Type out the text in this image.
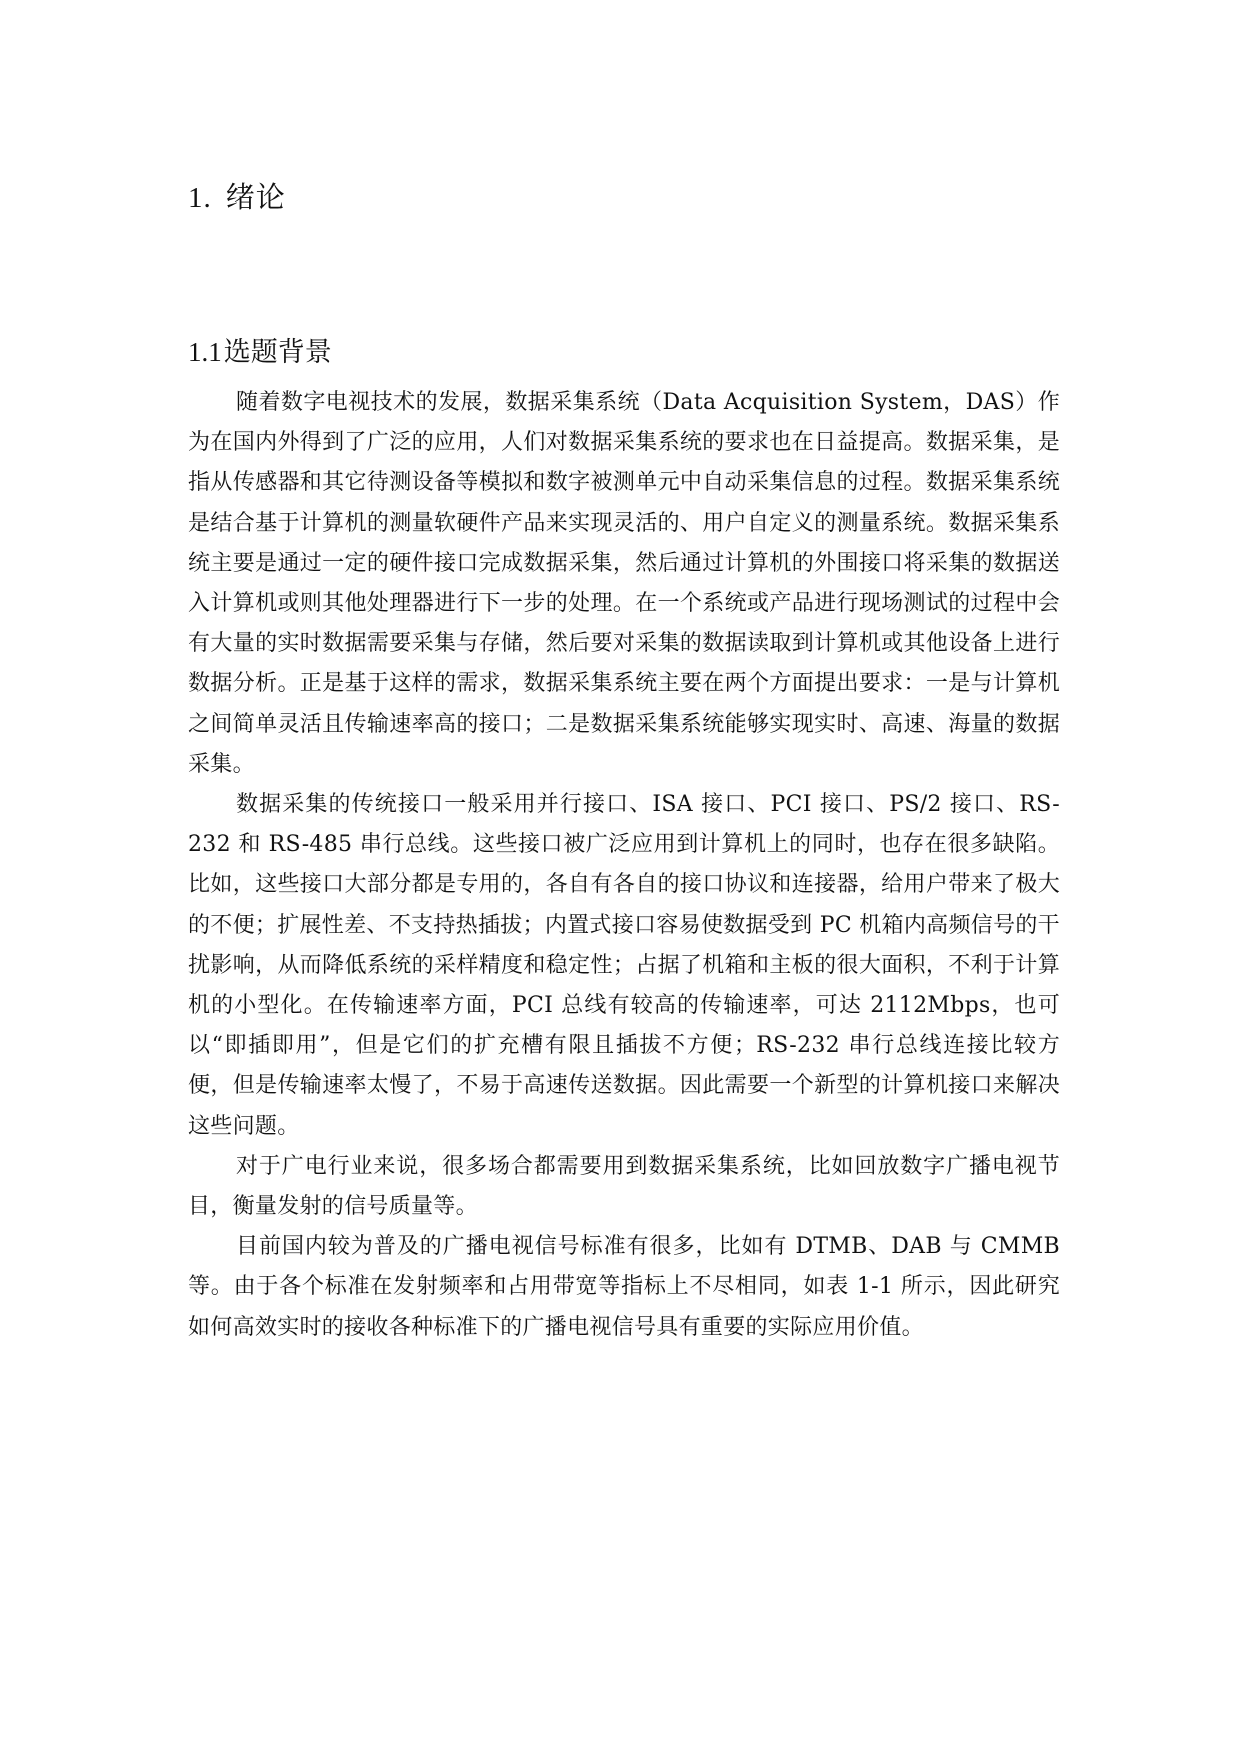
1. 绪论
1.1选题背景

随着数字电视技术的发展，数据采集系统（Data Acquisition System，DAS）作为在国内外得到了广泛的应用，人们对数据采集系统的要求也在日益提高。数据采集，是指从传感器和其它待测设备等模拟和数字被测单元中自动采集信息的过程。数据采集系统是结合基于计算机的测量软硬件产品来实现灵活的、用户自定义的测量系统。数据采集系统主要是通过一定的硬件接口完成数据采集，然后通过计算机的外围接口将采集的数据送入计算机或则其他处理器进行下一步的处理。在一个系统或产品进行现场测试的过程中会有大量的实时数据需要采集与存储，然后要对采集的数据读取到计算机或其他设备上进行数据分析。正是基于这样的需求，数据采集系统主要在两个方面提出要求：一是与计算机之间简单灵活且传输速率高的接口；二是数据采集系统能够实现实时、高速、海量的数据采集。

数据采集的传统接口一般采用并行接口、ISA 接口、PCI 接口、PS/2 接口、RS-232 和 RS-485 串行总线。这些接口被广泛应用到计算机上的同时，也存在很多缺陷。比如，这些接口大部分都是专用的，各自有各自的接口协议和连接器，给用户带来了极大的不便；扩展性差、不支持热插拔；内置式接口容易使数据受到 PC 机箱内高频信号的干扰影响，从而降低系统的采样精度和稳定性；占据了机箱和主板的很大面积，不利于计算机的小型化。在传输速率方面，PCI 总线有较高的传输速率，可达 2112Mbps，也可以“即插即用”，但是它们的扩充槽有限且插拔不方便；RS-232 串行总线连接比较方便，但是传输速率太慢了，不易于高速传送数据。因此需要一个新型的计算机接口来解决这些问题。

对于广电行业来说，很多场合都需要用到数据采集系统，比如回放数字广播电视节目，衡量发射的信号质量等。

目前国内较为普及的广播电视信号标准有很多，比如有 DTMB、DAB 与 CMMB 等。由于各个标准在发射频率和占用带宽等指标上不尽相同，如表 1-1 所示，因此研究如何高效实时的接收各种标准下的广播电视信号具有重要的实际应用价值。
